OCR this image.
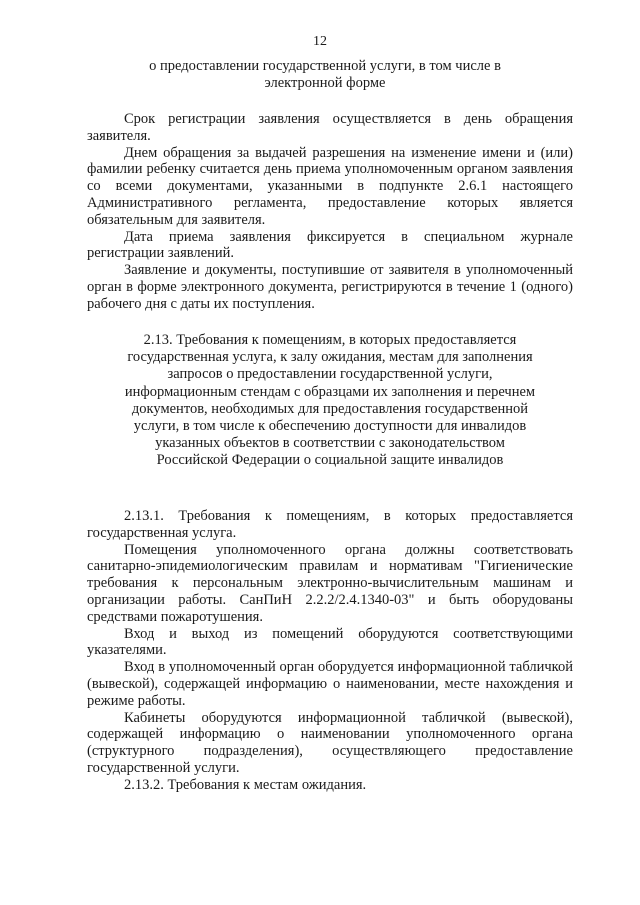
12
о предоставлении государственной услуги, в том числе в электронной форме

Срок регистрации заявления осуществляется в день обращения заявителя.

Днем обращения за выдачей разрешения на изменение имени и (или) фамилии ребенку считается день приема уполномоченным органом заявления со всеми документами, указанными в подпункте 2.6.1 настоящего Административного регламента, предоставление которых является обязательным для заявителя.

Дата приема заявления фиксируется в специальном журнале регистрации заявлений.

Заявление и документы, поступившие от заявителя в уполномоченный орган в форме электронного документа, регистрируются в течение 1 (одного) рабочего дня с даты их поступления.

2.13. Требования к помещениям, в которых предоставляется государственная услуга, к залу ожидания, местам для заполнения запросов о предоставлении государственной услуги, информационным стендам с образцами их заполнения и перечнем документов, необходимых для предоставления государственной услуги, в том числе к обеспечению доступности для инвалидов указанных объектов в соответствии с законодательством Российской Федерации о социальной защите инвалидов

2.13.1. Требования к помещениям, в которых предоставляется государственная услуга.

Помещения уполномоченного органа должны соответствовать санитарно-эпидемиологическим правилам и нормативам "Гигиенические требования к персональным электронно-вычислительным машинам и организации работы. СанПиН 2.2.2/2.4.1340-03" и быть оборудованы средствами пожаротушения.

Вход и выход из помещений оборудуются соответствующими указателями.

Вход в уполномоченный орган оборудуется информационной табличкой (вывеской), содержащей информацию о наименовании, месте нахождения и режиме работы.

Кабинеты оборудуются информационной табличкой (вывеской), содержащей информацию о наименовании уполномоченного органа (структурного подразделения), осуществляющего предоставление государственной услуги.

2.13.2. Требования к местам ожидания.
